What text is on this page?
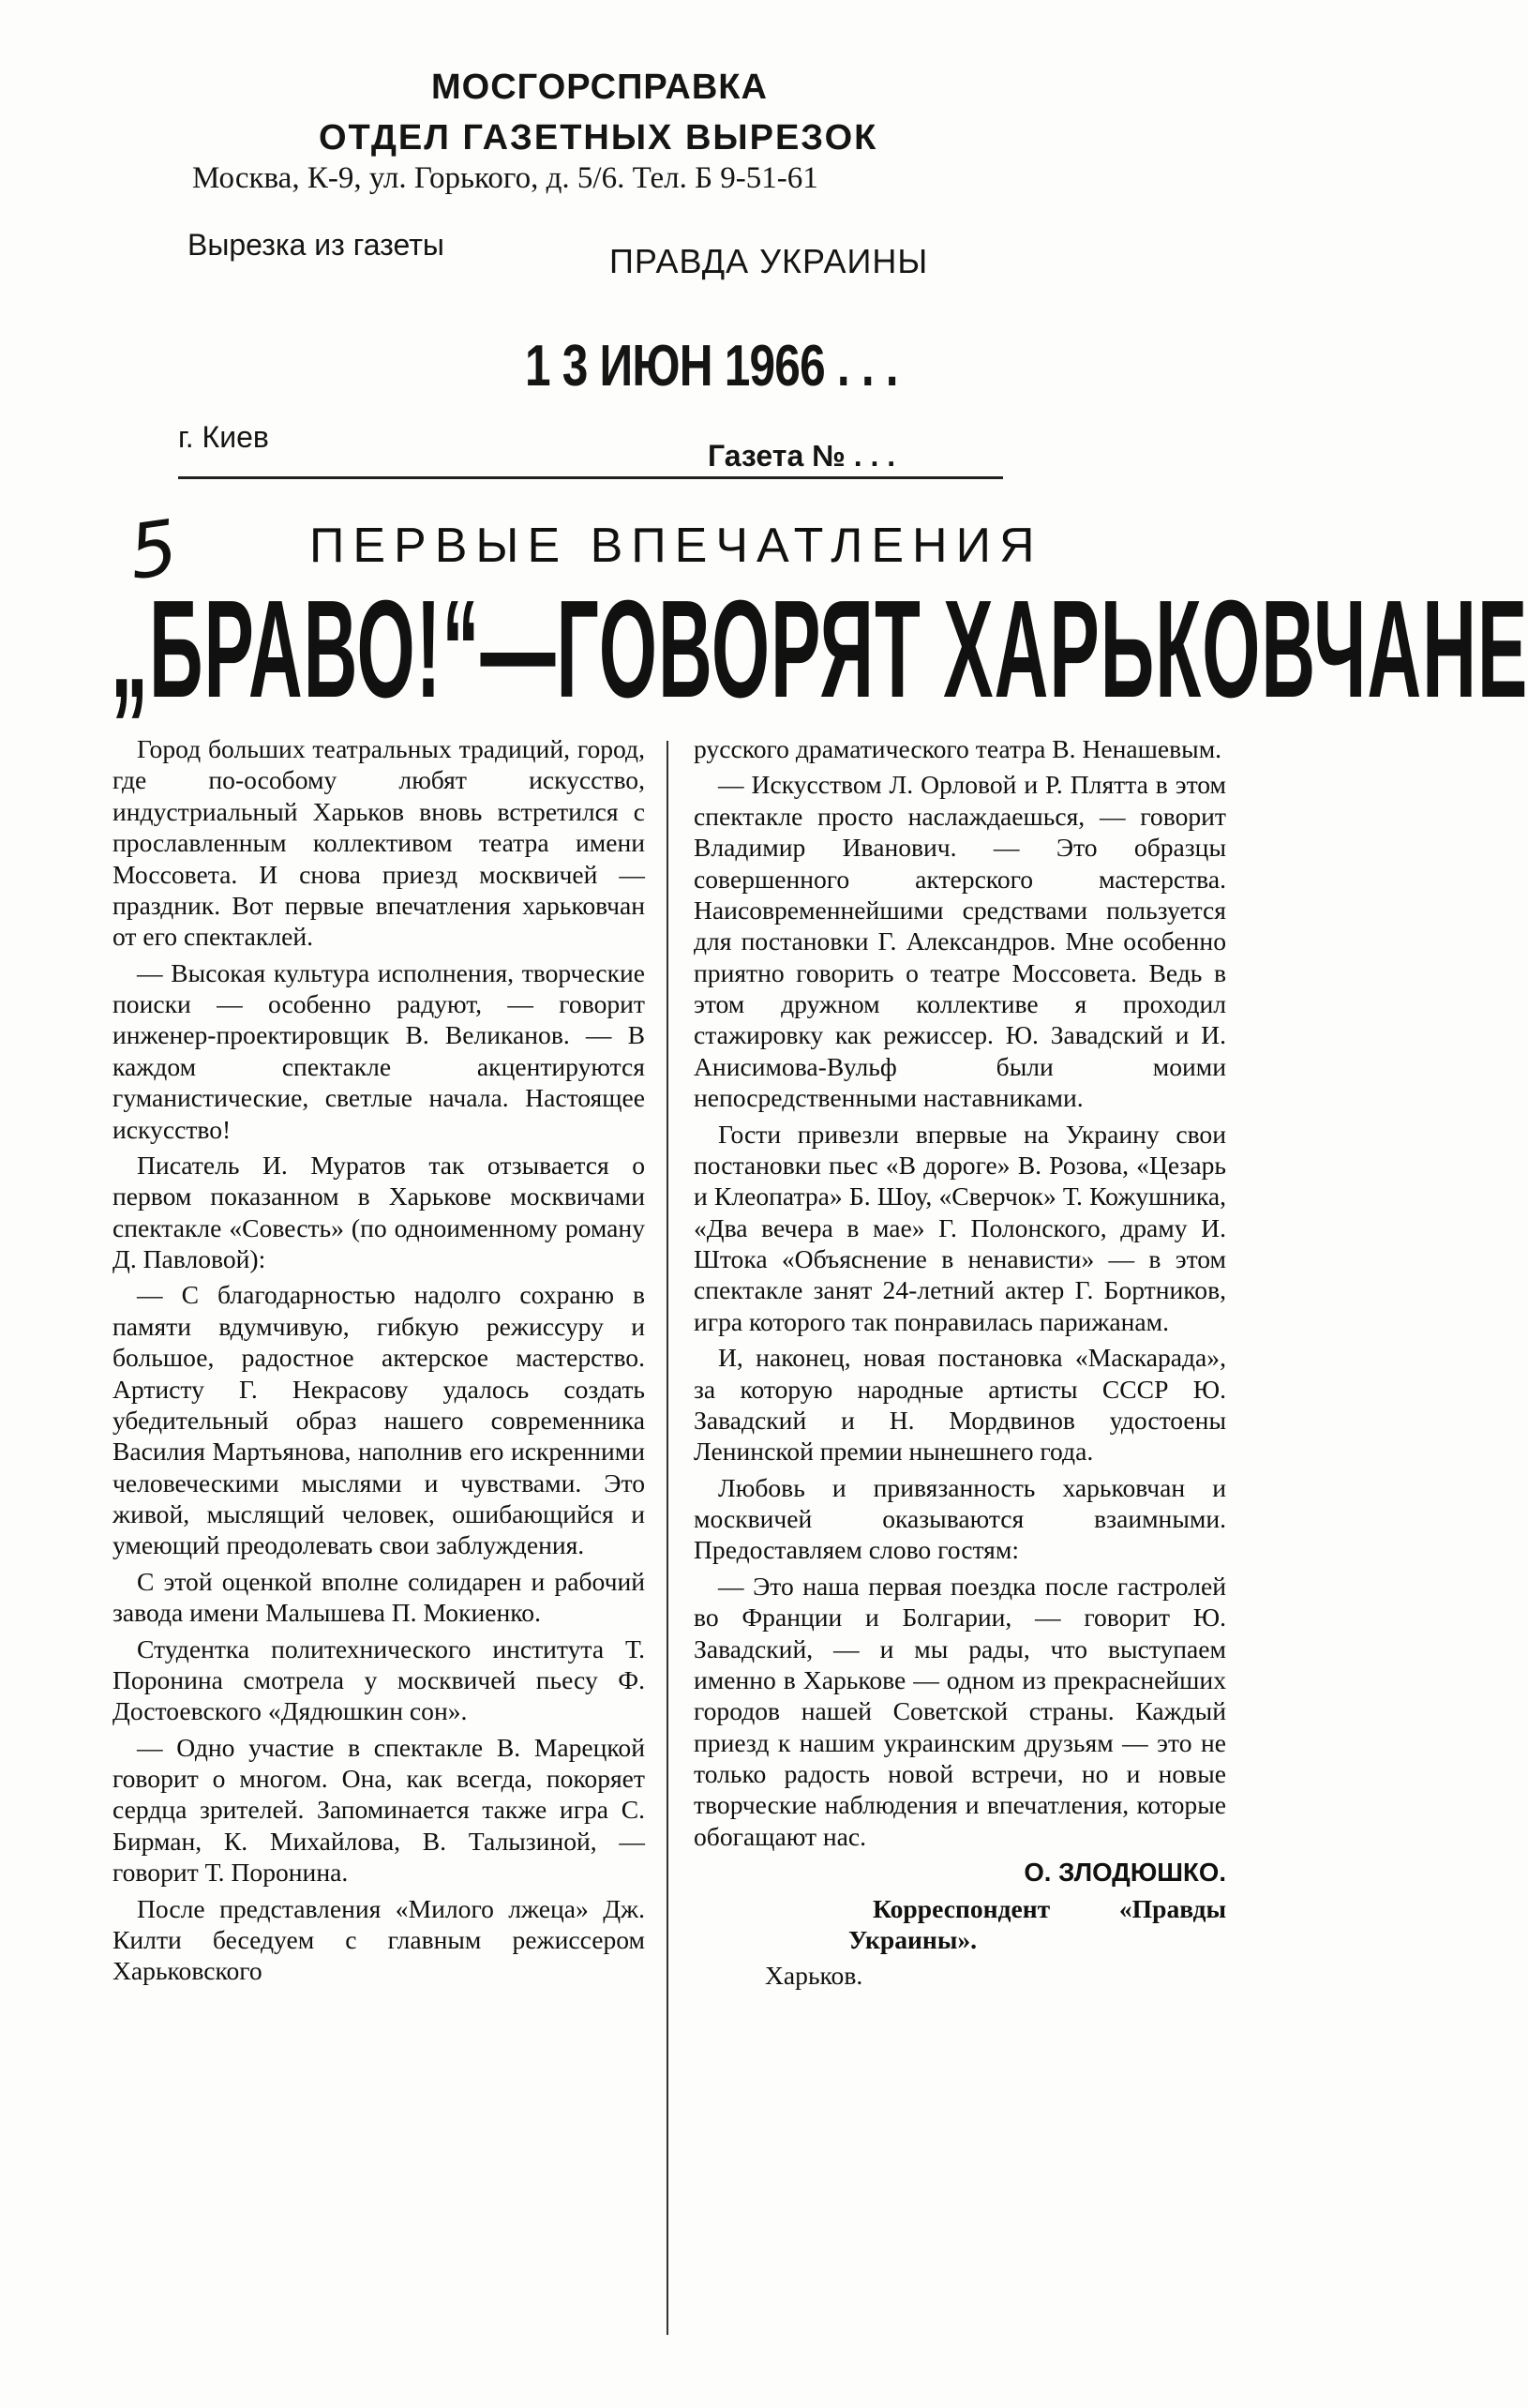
МОСГОРСПРАВКА
ОТДЕЛ ГАЗЕТНЫХ ВЫРЕЗОК
Москва, К-9, ул. Горького, д. 5/6. Тел. Б 9-51-61
Вырезка из газеты	ПРАВДА УКРАИНЫ
1 3 ИЮН 1966 . . .
г. Киев
Газета № . . .
5	ПЕРВЫЕ ВПЕЧАТЛЕНИЯ
„БРАВО!“—ГОВОРЯТ ХАРЬКОВЧАНЕ

Город больших театральных традиций, город, где по-особому любят искусство, индустриальный Харьков вновь встретился с прославленным коллективом театра имени Моссовета. И снова приезд москвичей — праздник. Вот первые впечатления харьковчан от его спектаклей.

— Высокая культура исполнения, творческие поиски — особенно радуют, — говорит инженер-проектировщик В. Великанов. — В каждом спектакле акцентируются гуманистические, светлые начала. Настоящее искусство!

Писатель И. Муратов так отзывается о первом показанном в Харькове москвичами спектакле «Совесть» (по одноименному роману Д. Павловой):

— С благодарностью надолго сохраню в памяти вдумчивую, гибкую режиссуру и большое, радостное актерское мастерство. Артисту Г. Некрасову удалось создать убедительный образ нашего современника Василия Мартьянова, наполнив его искренними человеческими мыслями и чувствами. Это живой, мыслящий человек, ошибающийся и умеющий преодолевать свои заблуждения.

С этой оценкой вполне солидарен и рабочий завода имени Малышева П. Мокиенко.

Студентка политехнического института Т. Поронина смотрела у москвичей пьесу Ф. Достоевского «Дядюшкин сон».

— Одно участие в спектакле В. Марецкой говорит о многом. Она, как всегда, покоряет сердца зрителей. Запоминается также игра С. Бирман, К. Михайлова, В. Талызиной, — говорит Т. Поронина.

После представления «Милого лжеца» Дж. Килти беседуем с главным режиссером Харьковского

русского драматического театра В. Ненашевым.

— Искусством Л. Орловой и Р. Плятта в этом спектакле просто наслаждаешься, — говорит Владимир Иванович. — Это образцы совершенного актерского мастерства. Наисовременнейшими средствами пользуется для постановки Г. Александров. Мне особенно приятно говорить о театре Моссовета. Ведь в этом дружном коллективе я проходил стажировку как режиссер. Ю. Завадский и И. Анисимова-Вульф были моими непосредственными наставниками.

Гости привезли впервые на Украину свои постановки пьес «В дороге» В. Розова, «Цезарь и Клеопатра» Б. Шоу, «Сверчок» Т. Кожушника, «Два вечера в мае» Г. Полонского, драму И. Штока «Объяснение в ненависти» — в этом спектакле занят 24-летний актер Г. Бортников, игра которого так понравилась парижанам.

И, наконец, новая постановка «Маскарада», за которую народные артисты СССР Ю. Завадский и Н. Мордвинов удостоены Ленинской премии нынешнего года.

Любовь и привязанность харьковчан и москвичей оказываются взаимными. Предоставляем слово гостям:

— Это наша первая поездка после гастролей во Франции и Болгарии, — говорит Ю. Завадский, — и мы рады, что выступаем именно в Харькове — одном из прекраснейших городов нашей Советской страны. Каждый приезд к нашим украинским друзьям — это не только радость новой встречи, но и новые творческие наблюдения и впечатления, которые обогащают нас.

О. ЗЛОДЮШКО.

Корреспондент «Правды Украины».

Харьков.
